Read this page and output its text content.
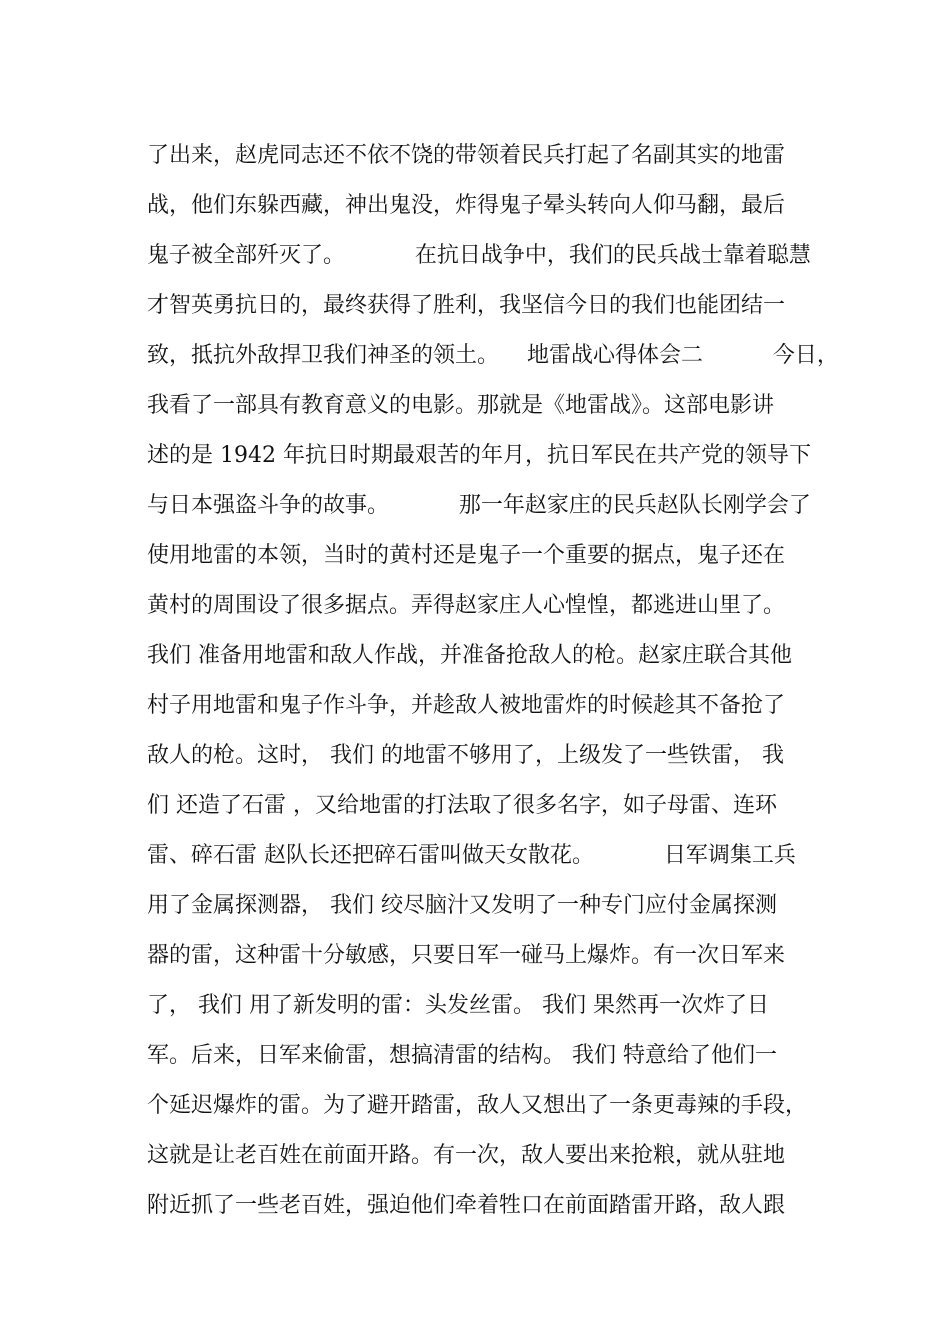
了出来，赵虎同志还不依不饶的带领着民兵打起了名副其实的地雷
战，他们东躲西藏，神出鬼没，炸得鬼子晕头转向人仰马翻，最后
鬼子被全部歼灭了。          在抗日战争中，我们的民兵战士靠着聪慧
才智英勇抗日的，最终获得了胜利，我坚信今日的我们也能团结一
致，抵抗外敌捍卫我们神圣的领土。    地雷战心得体会二          今日，
我看了一部具有教育意义的电影。那就是《地雷战》。这部电影讲
述的是 1942 年抗日时期最艰苦的年月，抗日军民在共产党的领导下
与日本强盗斗争的故事。          那一年赵家庄的民兵赵队长刚学会了
使用地雷的本领，当时的黄村还是鬼子一个重要的据点，鬼子还在
黄村的周围设了很多据点。弄得赵家庄人心惶惶，都逃进山里了。
我们 准备用地雷和敌人作战，并准备抢敌人的枪。赵家庄联合其他
村子用地雷和鬼子作斗争，并趁敌人被地雷炸的时候趁其不备抢了
敌人的枪。这时， 我们 的地雷不够用了，上级发了一些铁雷， 我
们 还造了石雷 ，又给地雷的打法取了很多名字，如子母雷、连环
雷、碎石雷 赵队长还把碎石雷叫做天女散花。          日军调集工兵
用了金属探测器， 我们 绞尽脑汁又发明了一种专门应付金属探测
器的雷，这种雷十分敏感，只要日军一碰马上爆炸。有一次日军来
了， 我们 用了新发明的雷：头发丝雷。 我们 果然再一次炸了日
军。后来，日军来偷雷，想搞清雷的结构。 我们 特意给了他们一
个延迟爆炸的雷。为了避开踏雷，敌人又想出了一条更毒辣的手段，
这就是让老百姓在前面开路。有一次，敌人要出来抢粮，就从驻地
附近抓了一些老百姓，强迫他们牵着牲口在前面踏雷开路，敌人跟
